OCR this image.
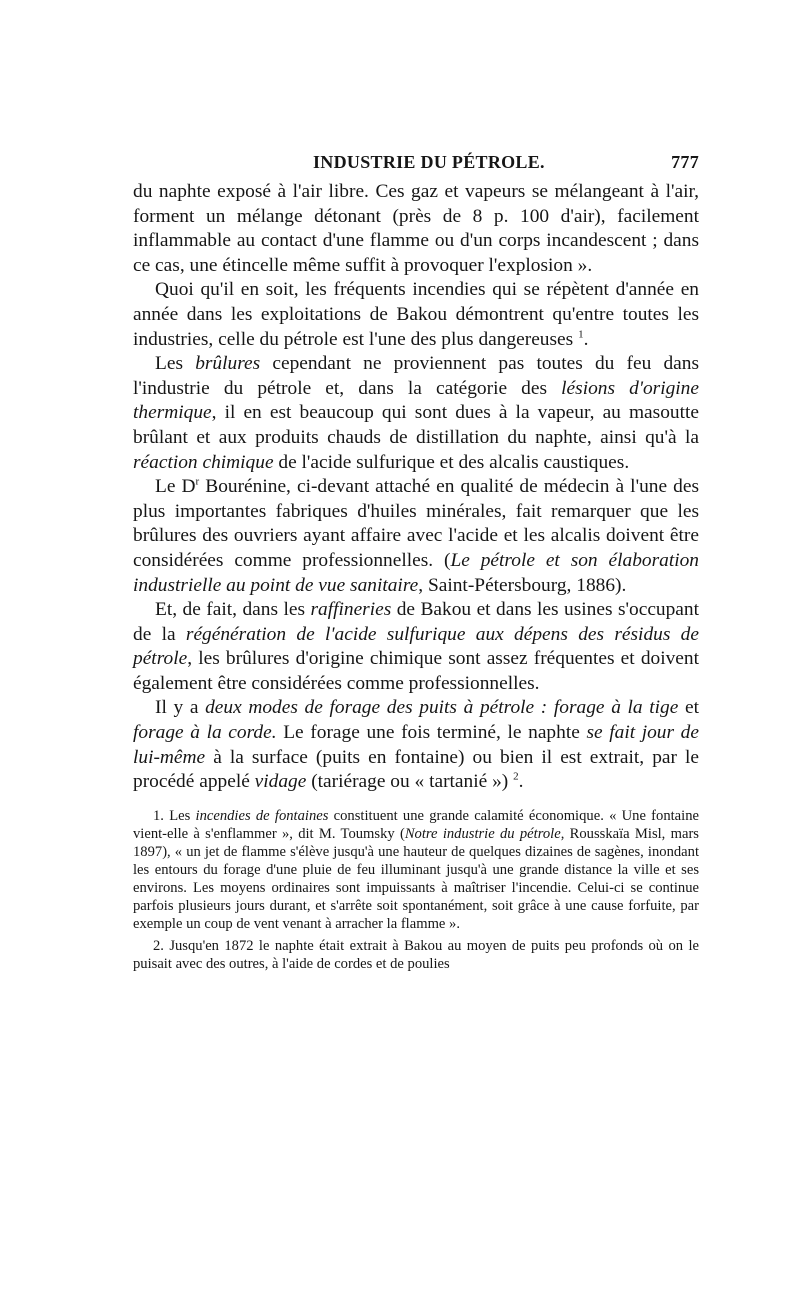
INDUSTRIE DU PÉTROLE.	777

du naphte exposé à l'air libre. Ces gaz et vapeurs se mélangeant à l'air, forment un mélange détonant (près de 8 p. 100 d'air), facilement inflammable au contact d'une flamme ou d'un corps incandescent ; dans ce cas, une étincelle même suffit à provoquer l'explosion ».

Quoi qu'il en soit, les fréquents incendies qui se répètent d'année en année dans les exploitations de Bakou démontrent qu'entre toutes les industries, celle du pétrole est l'une des plus dangereuses $^1$.

Les brûlures cependant ne proviennent pas toutes du feu dans l'industrie du pétrole et, dans la catégorie des lésions d'origine thermique, il en est beaucoup qui sont dues à la vapeur, au masoutte brûlant et aux produits chauds de distillation du naphte, ainsi qu'à la réaction chimique de l'acide sulfurique et des alcalis caustiques.

Le $D^r$ Bourénine, ci-devant attaché en qualité de médecin à l'une des plus importantes fabriques d'huiles minérales, fait remarquer que les brûlures des ouvriers ayant affaire avec l'acide et les alcalis doivent être considérées comme professionnelles. (Le pétrole et son élaboration industrielle au point de vue sanitaire, Saint-Pétersbourg, 1886).

Et, de fait, dans les raffineries de Bakou et dans les usines s'occupant de la régénération de l'acide sulfurique aux dépens des résidus de pétrole, les brûlures d'origine chimique sont assez fréquentes et doivent également être considérées comme professionnelles.

Il y a deux modes de forage des puits à pétrole : forage à la tige et forage à la corde. Le forage une fois terminé, le naphte se fait jour de lui-même à la surface (puits en fontaine) ou bien il est extrait, par le procédé appelé vidage (tariérage ou « tartanié ») $^2$.

1. Les incendies de fontaines constituent une grande calamité économique. « Une fontaine vient-elle à s'enflammer », dit M. Toumsky (Notre industrie du pétrole, Rousskaïa Misl, mars 1897), « un jet de flamme s'élève jusqu'à une hauteur de quelques dizaines de sagènes, inondant les entours du forage d'une pluie de feu illuminant jusqu'à une grande distance la ville et ses environs. Les moyens ordinaires sont impuissants à maîtriser l'incendie. Celui-ci se continue parfois plusieurs jours durant, et s'arrête soit spontanément, soit grâce à une cause forfuite, par exemple un coup de vent venant à arracher la flamme ».

2. Jusqu'en 1872 le naphte était extrait à Bakou au moyen de puits peu profonds où on le puisait avec des outres, à l'aide de cordes et de poulies
